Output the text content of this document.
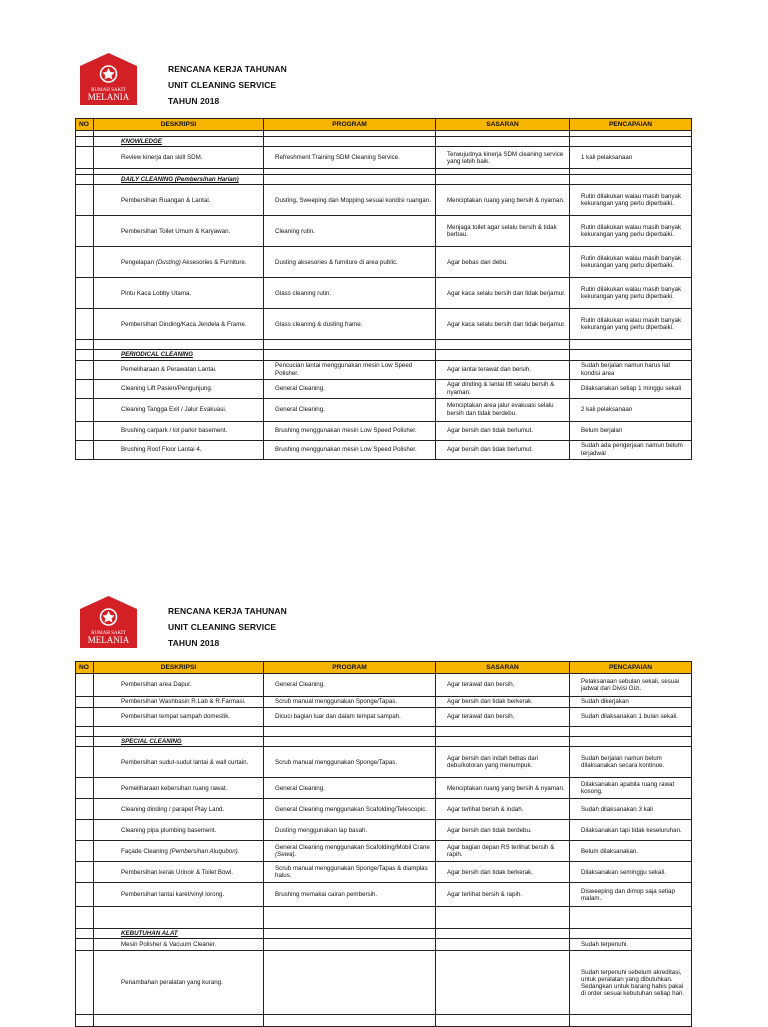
RUMAH SAKIT
MELANIA
RENCANA KERJA TAHUNAN
UNIT CLEANING SERVICE
TAHUN 2018
NO	DESKRIPSI	PROGRAM	SASARAN	PENCAPAIAN

	KNOWLEDGE			
	Review kinerja dan skill SDM.	Refreshment Training SDM Cleaning Service.	Terwujudnya kinerja SDM cleaning service yang lebih baik.	1 kali pelaksanaan

	DAILY CLEANING (Pembersihan Harian)			
	Pembersihan Ruangan & Lantai.	Dusting, Sweeping dan Mopping sesuai kondisi ruangan.	Menciptakan ruang yang bersih & nyaman.	Rutin dilakukan walau masih banyak kekurangan yang perlu diperbaiki.
	Pembersihan Toilet Umum & Karyawan.	Cleaning rutin.	Menjaga toilet agar selalu bersih & tidak berbau.	Rutin dilakukan walau masih banyak kekurangan yang perlu diperbaiki.
	Pengelapan (Dusting) Aksesories & Furniture.	Dusting aksesories & furniture di area public.	Agar bebas dari debu.	Rutin dilakukan walau masih banyak kekurangan yang perlu diperbaiki.
	Pintu Kaca Lobby Utama.	Glass cleaning rutin.	Agar kaca selalu bersih dan tidak berjamur.	Rutin dilakukan walau masih banyak kekurangan yang perlu diperbaiki.
	Pembersihan Dinding/Kaca Jendela & Frame.	Glass cleaning & dusting frame.	Agar kaca selalu bersih dan tidak berjamur.	Rutin dilakukan walau masih banyak kekurangan yang perlu diperbaiki.

	PERIODICAL CLEANING			
	Pemeliharaan & Perawatan Lantai.	Pencucian lantai menggunakan mesin Low Speed Polisher.	Agar lantai terawat dan bersih.	Sudah berjalan namun harus liat kondisi area
	Cleaning Lift Pasien/Pengunjung.	General Cleaning.	Agar dinding & lantai lift selalu bersih & nyaman.	Dilaksanakan setiap 1 minggu sekali
	Cleaning Tangga Exit / Jalur Evakuasi.	General Cleaning.	Menciptakan area jalur evakuasi selalu bersih dan tidak berdebu.	2 kali pelaksanaan
	Brushing carpark / lot parkir basement.	Brushing menggunakan mesin Low Speed Polisher.	Agar bersih dan tidak berlumut.	Belum berjalan
	Brushing Roof Floor Lantai 4.	Brushing menggunakan mesin Low Speed Polisher.	Agar bersih dan tidak berlumut.	Sudah ada pengerjaan namun belum terjadwal
RUMAH SAKIT
MELANIA
RENCANA KERJA TAHUNAN
UNIT CLEANING SERVICE
TAHUN 2018
NO	DESKRIPSI	PROGRAM	SASARAN	PENCAPAIAN
	Pembersihan area Dapur.	General Cleaning.	Agar terawat dan bersih.	Pelaksanaan sebulan sekali, sesuai jadwal dari Divisi Gizi.
	Pembersihan Washbasin R.Lab & R.Farmasi.	Scrub manual menggunakan Sponge/Tapas.	Agar bersih dan tidak berkerak.	Sudah dikerjakan
	Pembersihan tempat sampah domestik.	Dicuci bagian luar dan dalam tempat sampah.	Agar terawat dan bersih.	Sudah dilaksanakan 1 bulan sekali.

	SPECIAL CLEANING			
	Pembersihan sudut-sudut lantai & wall curtain.	Scrub manual menggunakan Sponge/Tapas.	Agar bersih dan indah bebas dari debu/kotoran yang menumpuk.	Sudah berjalan namun belum dilaksanakan secara kontinue.
	Pemeliharaan kebersihan ruang rawat.	General Cleaning.	Menciptakan ruang yang bersih & nyaman.	Dilaksanakan apabila ruang rawat kosong.
	Cleaning dinding / parapet Play Land.	General Cleaning menggunakan Scafolding/Telescopic.	Agar terlihat bersih & indah.	Sudah dilaksanakan 3 kali
	Cleaning pipa plumbing basement.	Dusting menggunakan lap basah.	Agar bersih dan tidak berdebu.	Dilaksanakan tapi tidak keseluruhan.
	Façade Cleaning (Pembersihan Aluqubon).	General Cleaning menggunakan Scafolding/Mobil Crane (Sewa).	Agar bagian depan RS terlihat bersih & rapih.	Belum dilaksanakan.
	Pembersihan kerak Urinoir & Toilet Bowl.	Scrub manual menggunakan Sponge/Tapas & diamplas halus.	Agar bersih dan tidak berkerak.	Dilaksanakan seminggu sekali.
	Pembersihan lantai karet/vinyl lorong.	Brushing memakai cairan pembersih.	Agar terlihat bersih & rapih.	Disweeping dan dimop saja setiap malam.

	KEBUTUHAN ALAT			
	Mesin Polisher & Vacuum Cleaner.			Sudah terpenuhi.
	Penambahan peralatan yang kurang.			Sudah terpenuhi sebelum akreditasi, untuk peralatan yang dibutuhkan. Sedangkan untuk barang habis pakai di order sesuai kebutuhan setiap hari.
